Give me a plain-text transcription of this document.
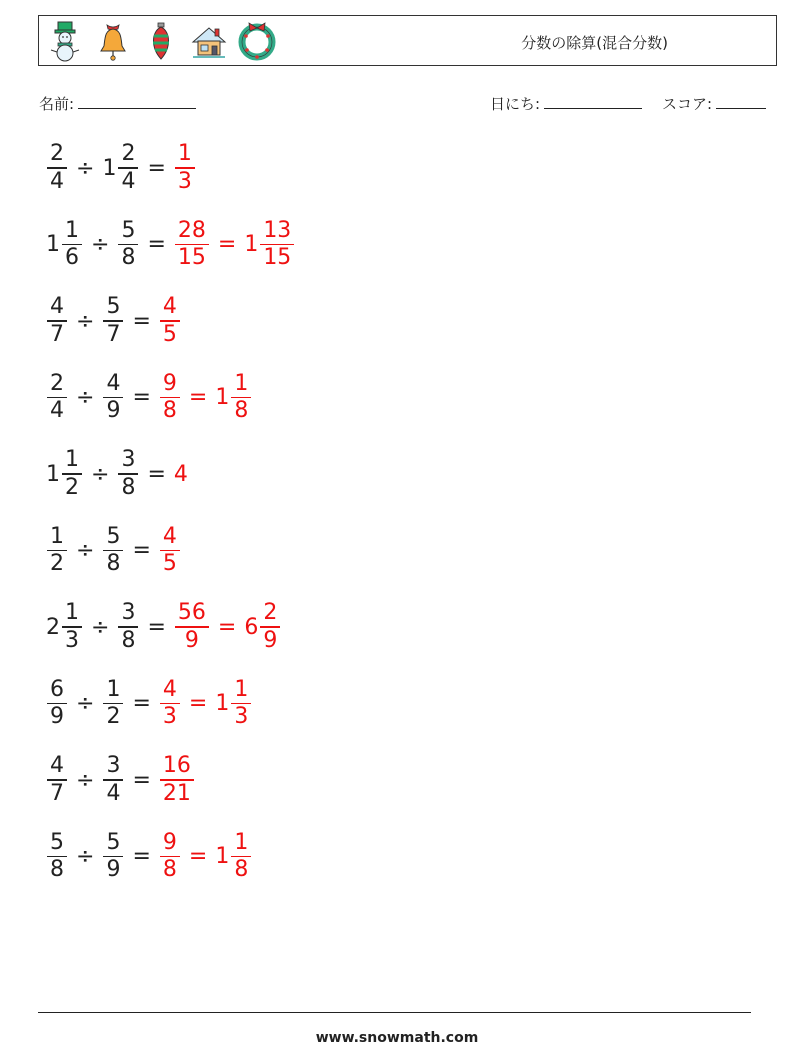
分数の除算(混合分数)
名前:	日にち:	スコア:
$\frac{2}{4} \div 1 \frac{2}{4} = \frac{1}{3}$
$1 \frac{1}{6} \div \frac{5}{8} = \frac{28}{15} = 1 \frac{13}{15}$
$\frac{4}{7} \div \frac{5}{7} = \frac{4}{5}$
$\frac{2}{4} \div \frac{4}{9} = \frac{9}{8} = 1 \frac{1}{8}$
$1 \frac{1}{2} \div \frac{3}{8} = 4$
$\frac{1}{2} \div \frac{5}{8} = \frac{4}{5}$
$2 \frac{1}{3} \div \frac{3}{8} = \frac{56}{9} = 6 \frac{2}{9}$
$\frac{6}{9} \div \frac{1}{2} = \frac{4}{3} = 1 \frac{1}{3}$
$\frac{4}{7} \div \frac{3}{4} = \frac{16}{21}$
$\frac{5}{8} \div \frac{5}{9} = \frac{9}{8} = 1 \frac{1}{8}$
www.snowmath.com
